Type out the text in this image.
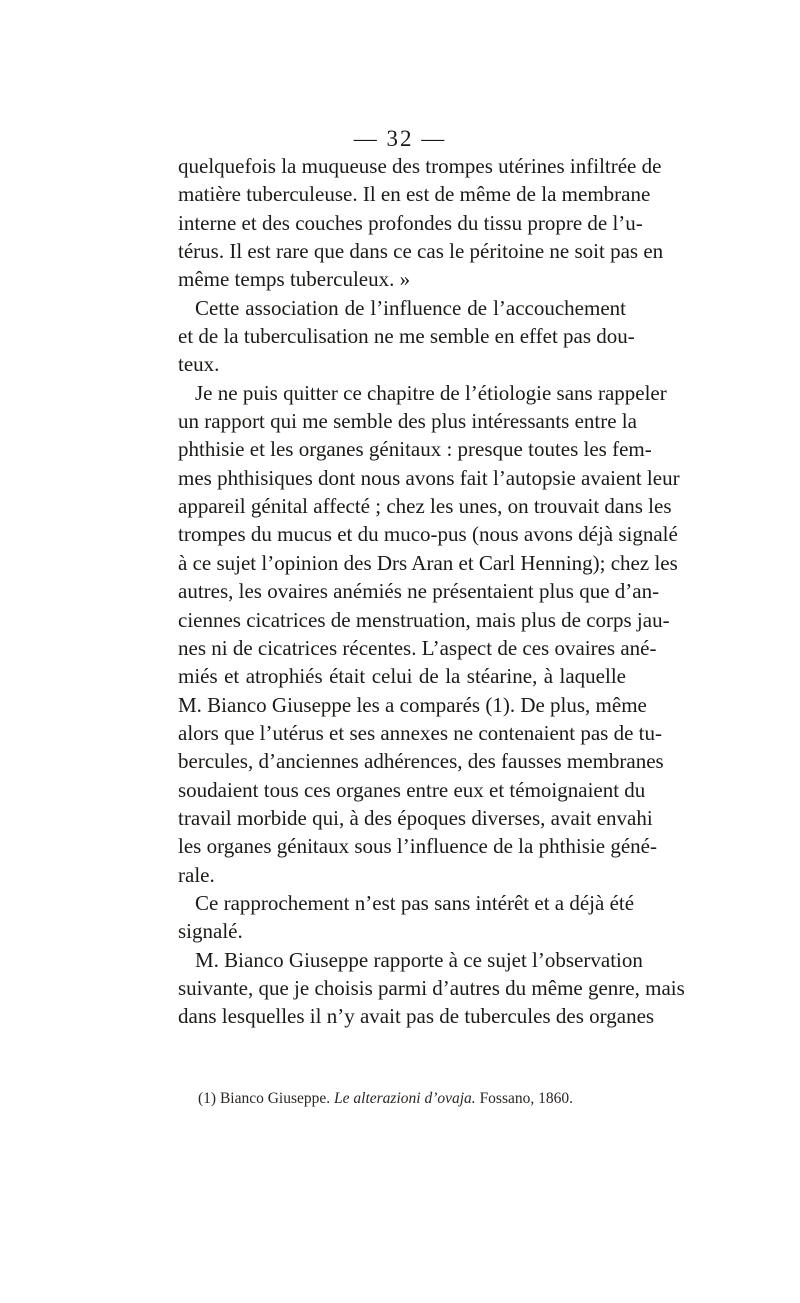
— 32 —
quelquefois la muqueuse des trompes utérines infiltrée de
matière tuberculeuse. Il en est de même de la membrane
interne et des couches profondes du tissu propre de l’u-
térus. Il est rare que dans ce cas le péritoine ne soit pas en
même temps tuberculeux. »
Cette association de l’influence de l’accouchement
et de la tuberculisation ne me semble en effet pas dou-
teux.
Je ne puis quitter ce chapitre de l’étiologie sans rappeler
un rapport qui me semble des plus intéressants entre la
phthisie et les organes génitaux : presque toutes les fem-
mes phthisiques dont nous avons fait l’autopsie avaient leur
appareil génital affecté ; chez les unes, on trouvait dans les
trompes du mucus et du muco-pus (nous avons déjà signalé
à ce sujet l’opinion des Drs Aran et Carl Henning); chez les
autres, les ovaires anémiés ne présentaient plus que d’an-
ciennes cicatrices de menstruation, mais plus de corps jau-
nes ni de cicatrices récentes. L’aspect de ces ovaires ané-
miés et atrophiés était celui de la stéarine, à laquelle
M. Bianco Giuseppe les a comparés (1). De plus, même
alors que l’utérus et ses annexes ne contenaient pas de tu-
bercules, d’anciennes adhérences, des fausses membranes
soudaient tous ces organes entre eux et témoignaient du
travail morbide qui, à des époques diverses, avait envahi
les organes génitaux sous l’influence de la phthisie géné-
rale.
Ce rapprochement n’est pas sans intérêt et a déjà été
signalé.
M. Bianco Giuseppe rapporte à ce sujet l’observation
suivante, que je choisis parmi d’autres du même genre, mais
dans lesquelles il n’y avait pas de tubercules des organes
(1) Bianco Giuseppe. Le alterazioni d’ovaja. Fossano, 1860.
